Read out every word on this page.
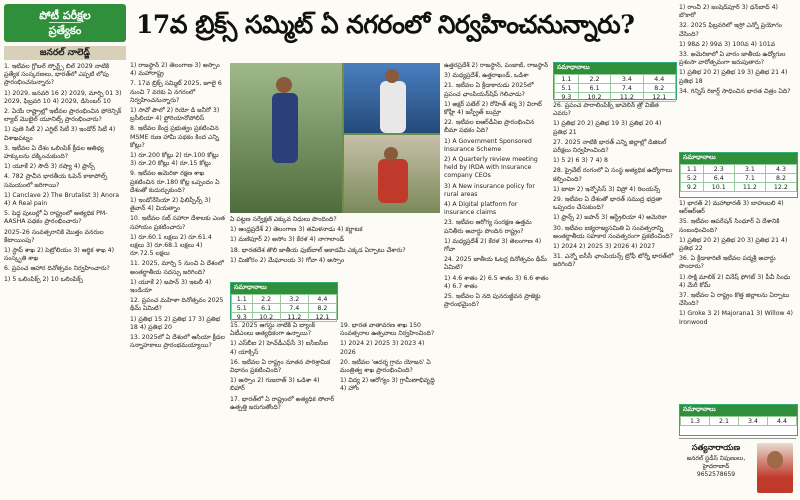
పోటీ పరీక్షల
ప్రత్యేకం
జనరల్ నాలెడ్జ్
17వ బ్రిక్స్ సమ్మిట్ ఏ నగరంలో నిర్వహించనున్నారు?

1. ఇటీవల గ్లోబల్ స్పోర్ట్స్ బిల్ 2029 నాటికి ప్రత్యేక సంస్కరణలు, భారత్‌లో ఎప్పటి లోపు ప్రారంభించనున్నారు?

1) 2029, జనవరి 16 2) 2029, మార్చి 01 3) 2029, ఫిబ్రవరి 10 4) 2029, డిసెంబర్ 10

2. ఏయే రాష్ట్రాల్లో ఇటీవల ప్రారంభించిన ఫోరెన్సిక్ ల్యాబ్ మొబైల్ యూనిట్స్ ప్రారంభించారు?

1) పుణె సిటీ 2) ఎగ్జిట్ సిటీ 3) ఇండోర్ సిటీ 4) విశాఖపట్నం

3. ఇటీవల ఏ దేశం ఒలింపిక్ క్రీడల ఆతిథ్య హక్కులను దక్కించుకుంది?

1) యూకే 2) సౌదీ 3) రష్యా 4) ఫ్రాన్స్

4. 782 ప్రాచీన భారతీయ ఓపెన్ కాకాపోల్స్ సమయంలో జరిగాయి?

1) Canclave 2) The Brutalist 3) Anora 4) A Real pain

5. పెద్ద పులుల్లో ఏ రాష్ట్రంలో అత్యధిక PM-AASHA పథకం ప్రారంభించారు?

2025-26 సంవత్సరానికి మొత్తం వనరుల కేటాయింపు?

1) స్టాప్ శాఖ 2) పెట్రోలియం 3) ఆర్థిక శాఖ 4) సంస్కృతి శాఖ

6. ప్రపంచ ఆహార దినోత్సవం నిర్వహించారు?

1) 5 ఒలింపిక్స్ 2) 10 ఒలింపిక్స్

1) రాజస్థాన్ 2) తెలంగాణ 3) అస్సాం 4) మహారాష్ట్ర

7. 17వ బ్రిక్స్ సమ్మిట్ 2025, జూలై 6 నుంచి 7 వరకు ఏ నగరంలో నిర్వహించనున్నారు?

1) సావో పౌలో 2) రియో డి జనీరో 3) బ్రసీలియా 4) ఫ్లోరియానోపోలిస్

8. ఇటీవల కేంద్ర ప్రభుత్వం ప్రకటించిన MSME రుణ హామీ పథకం కింద ఎన్ని కోట్లు?

1) రూ.200 కోట్లు 2) రూ.100 కోట్లు 3) రూ.20 కోట్లు 4) రూ.15 కోట్లు

9. ఇటీవల అమెరికా రక్షణ శాఖ ప్రకటించిన రూ.180 కోట్ల ఒప్పందం ఏ దేశంతో కుదుర్చుకుంది?

1) ఇండోనేసియా 2) ఫిలిప్పీన్స్ 3) తైవాన్ 4) వియత్నాం

10. ఇటీవల సబ్ సహారా దేశాలకు ఎంత సహాయం ప్రకటించారు?

1) రూ.60.1 లక్షలు 2) రూ.61.4 లక్షలు 3) రూ.68.1 లక్షలు 4) రూ.72.5 లక్షలు

11. 2025, మార్చి 5 నుంచి ఏ దేశంలో అంతర్జాతీయ సదస్సు జరిగింది?

1) యూకే 2) జపాన్ 3) ఇటలీ 4) ఇండియా

12. ప్రపంచ మహిళా దినోత్సవం 2025 థీమ్ ఏమిటి?

1) ప్రతిభ 15 2) ప్రతిభ 17 3) ప్రతిభ 18 4) ప్రతిభ 20

13. 2025లో ఏ దేశంలో ఆసియా క్రీడల సన్నాహకాలు ప్రారంభమయ్యాయి?

ఏ పట్టణ సర్వేక్షణ్ ఎక్కువ నిధులు పొందింది?

1) ఆంధ్రప్రదేశ్ 2) తెలంగాణ 3) తమిళనాడు 4) కర్ణాటక

1) మణిపూర్ 2) అసోం 3) కేరళ 4) నాగాలాండ్

18. భారతదేశ తొలి జాతీయ ఫుట్‌బాల్ అకాడమీ ఎక్కడ ఏర్పాటు చేశారు?

1) మిజోరం 2) మేఘాలయ 3) గోవా 4) అస్సాం

సమాధానాలు
1.1	2.2	3.2	4.4
5.1	6.1	7.4	8.2
9.3	10.2	11.2	12.1

15. 2025 ఆగస్టు నాటికి ఏ బ్యాంక్ ఏటీఎంలు అత్యధికంగా ఉన్నాయి?

1) ఎస్‌బీఐ 2) హెచ్‌డీఎఫ్‌సీ 3) ఐసీఐసీఐ 4) యాక్సిస్

16. ఇటీవల ఏ రాష్ట్రం నూతన పారిశ్రామిక విధానం ప్రకటించింది?

1) అస్సాం 2) గుజరాత్ 3) ఒడిశా 4) బిహార్

17. భారత్‌లో ఏ రాష్ట్రంలో అత్యధిక సోలార్ ఉత్పత్తి జరుగుతోంది?

19. భారత వాతావరణ శాఖ 150 సంవత్సరాల ఉత్సవాలు నిర్వహించింది?

1) 2024 2) 2025 3) 2023 4) 2026

20. ఇటీవల 'ఆదర్శ గ్రామ యోజన' ఏ మంత్రిత్వ శాఖ ప్రారంభించింది?

1) విద్య 2) ఆరోగ్యం 3) గ్రామీణాభివృద్ధి 4) హోం

ఉత్తరప్రదేశ్ 2) రాజస్థాన్, పంజాబ్, రాజస్థాన్

3) మధ్యప్రదేశ్, ఉత్తరాఖండ్, ఒడిశా

21. ఇటీవల ఏ క్రీడాకారుడు 2025లో ప్రపంచ ఛాంపియన్‌షిప్ గెలిచాడు?

1) అక్షర్ పటేల్ 2) రోహిత్ శర్మ 3) విరాట్ కోహ్లీ 4) జస్ప్రీత్ బుమ్రా

22. ఇటీవల ఐఆర్‌డీఏఐ ప్రారంభించిన బీమా పథకం ఏది?

1) A Government Sponsored Insurance Scheme

2) A Quarterly review meeting held by IRDA with Insurance company CEOs

3) A New insurance policy for rural areas

4) A Digital platform for insurance claims

23. ఇటీవల ఆరోగ్య సంరక్షణ ఉత్తమ పనితీరు అవార్డు పొందిన రాష్ట్రం?

1) మధ్యప్రదేశ్ 2) కేరళ 3) తెలంగాణ 4) గోవా

24. 2025 జాతీయ ఓటర్ల దినోత్సవం థీమ్ ఏమిటి?

1) 4.6 శాతం 2) 6.5 శాతం 3) 6.6 శాతం 4) 6.7 శాతం

25. ఇటీవల ఏ నది పునరుజ్జీవన ప్రాజెక్టు ప్రారంభమైంది?

సమాధానాలు
1.1	2.2	3.4	4.4
5.1	6.1	7.4	8.2
9.3	10.2	11.2	12.1

26. ప్రపంచ పారాలింపిక్స్ జావెలిన్ త్రో విజేత ఎవరు?

1) ప్రతిభ 20 2) ప్రతిభ 19 3) ప్రతిభ 20 4) ప్రతిభ 21

27. 2025 నాటికి భారత్ ఎన్ని జిల్లాల్లో డిజిటల్ పరీక్షలు నిర్వహించింది?

1) 5 2) 6 3) 7 4) 8

28. ప్రైవేట్ రంగంలో ఏ సంస్థ అత్యధిక ఉద్యోగాలు కల్పించింది?

1) టాటా 2) ఇన్ఫోసిస్ 3) విప్రో 4) రిలయన్స్

29. ఇటీవల ఏ దేశంతో భారత్ సముద్ర భద్రతా ఒప్పందం చేసుకుంది?

1) ఫ్రాన్స్ 2) జపాన్ 3) ఆస్ట్రేలియా 4) అమెరికా

30. ఇటీవల ఐక్యరాజ్యసమితి ఏ సంవత్సరాన్ని అంతర్జాతీయ సహకార సంవత్సరంగా ప్రకటించింది?

1) 2024 2) 2025 3) 2026 4) 2027

31. ఎన్నో ఐసీసీ ఛాంపియన్స్ ట్రోఫీ టోర్నీ భారత్‌లో జరిగింది?

1) రాంచీ 2) జంషెడ్‌పూర్ 3) ధన్‌బాద్ 4) బొకారో

32. 2025 ఫిబ్రవరిలో ఇస్రో ఎన్నో ప్రయోగం చేసింది?

1) 98వ 2) 99వ 3) 100వ 4) 101వ

33. అమెరికాలో ఏ వారం జాతీయ ఉద్యోగుల ప్రశంసా వారోత్సవంగా జరుపుతారు?

1) ప్రతిభ 20 2) ప్రతిభ 19 3) ప్రతిభ 21 4) ప్రతిభ 18

34. గిన్నిస్ రికార్డ్ సాధించిన భారత చిత్రం ఏది?

సమాధానాలు
1.1	2.3	3.1	4.3
5.2	6.4	7.1	8.2
9.2	10.1	11.2	12.2

1) భారత్ 2) మహాభారత్ 3) బాహుబలి 4) ఆర్ఆర్ఆర్

35. ఇటీవల ఆపరేషన్ సింధూర్ ఏ దేశానికి సంబంధించింది?

1) ప్రతిభ 20 2) ప్రతిభ 20 3) ప్రతిభ 21 4) ప్రతిభ 22

36. ఏ క్రీడాకారిణి ఇటీవల పద్మశ్రీ అవార్డు పొందారు?

1) సాక్షి మాలిక్ 2) వినేష్ ఫోగట్ 3) పీవీ సింధు 4) మేరీ కోమ్

37. ఇటీవల ఏ రాష్ట్రం కొత్త జిల్లాలను ఏర్పాటు చేసింది?

1) Groke 3 2) Majorana1 3) Willow 4) Ironwood

సమాధానాలు
1.3	2.1	3.4	4.4
సత్యనారాయణ
జనరల్ స్టడీస్ నిపుణులు, హైదరాబాద్
9652578659
